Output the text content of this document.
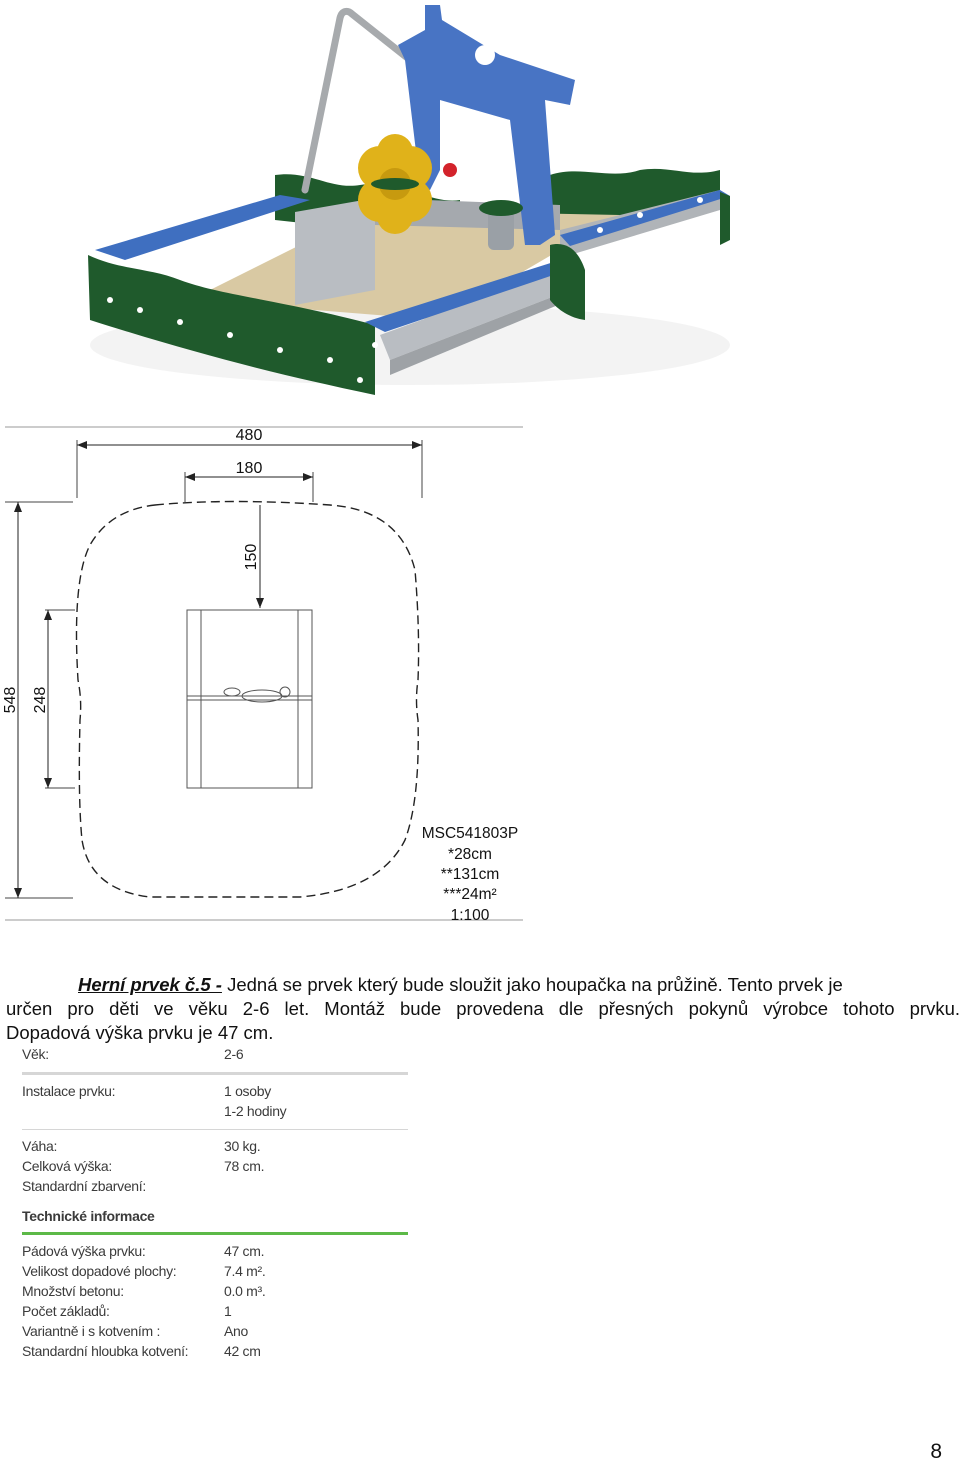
480
180
150
548 248
MSC541803P
*28cm
**131cm
***24m²
1:100
Herní prvek č.5 - Jedná se prvek který bude sloužit jako houpačka na průžině. Tento prvek je
určen pro děti ve věku 2-6 let. Montáž bude provedena dle přesných pokynů výrobce tohoto prvku.
Dopadová výška prvku je 47 cm.
Věk:	2-6
Instalace prvku:	1 osoby
1-2 hodiny
Váha:	30 kg.
Celková výška:	78 cm.
Standardní zbarvení:
Technické informace
Pádová výška prvku:	47 cm.
Velikost dopadové plochy:	7.4 m².
Množství betonu:	0.0 m³.
Počet základů:	1
Variantně i s kotvením :	Ano
Standardní hloubka kotvení:	42 cm
8
